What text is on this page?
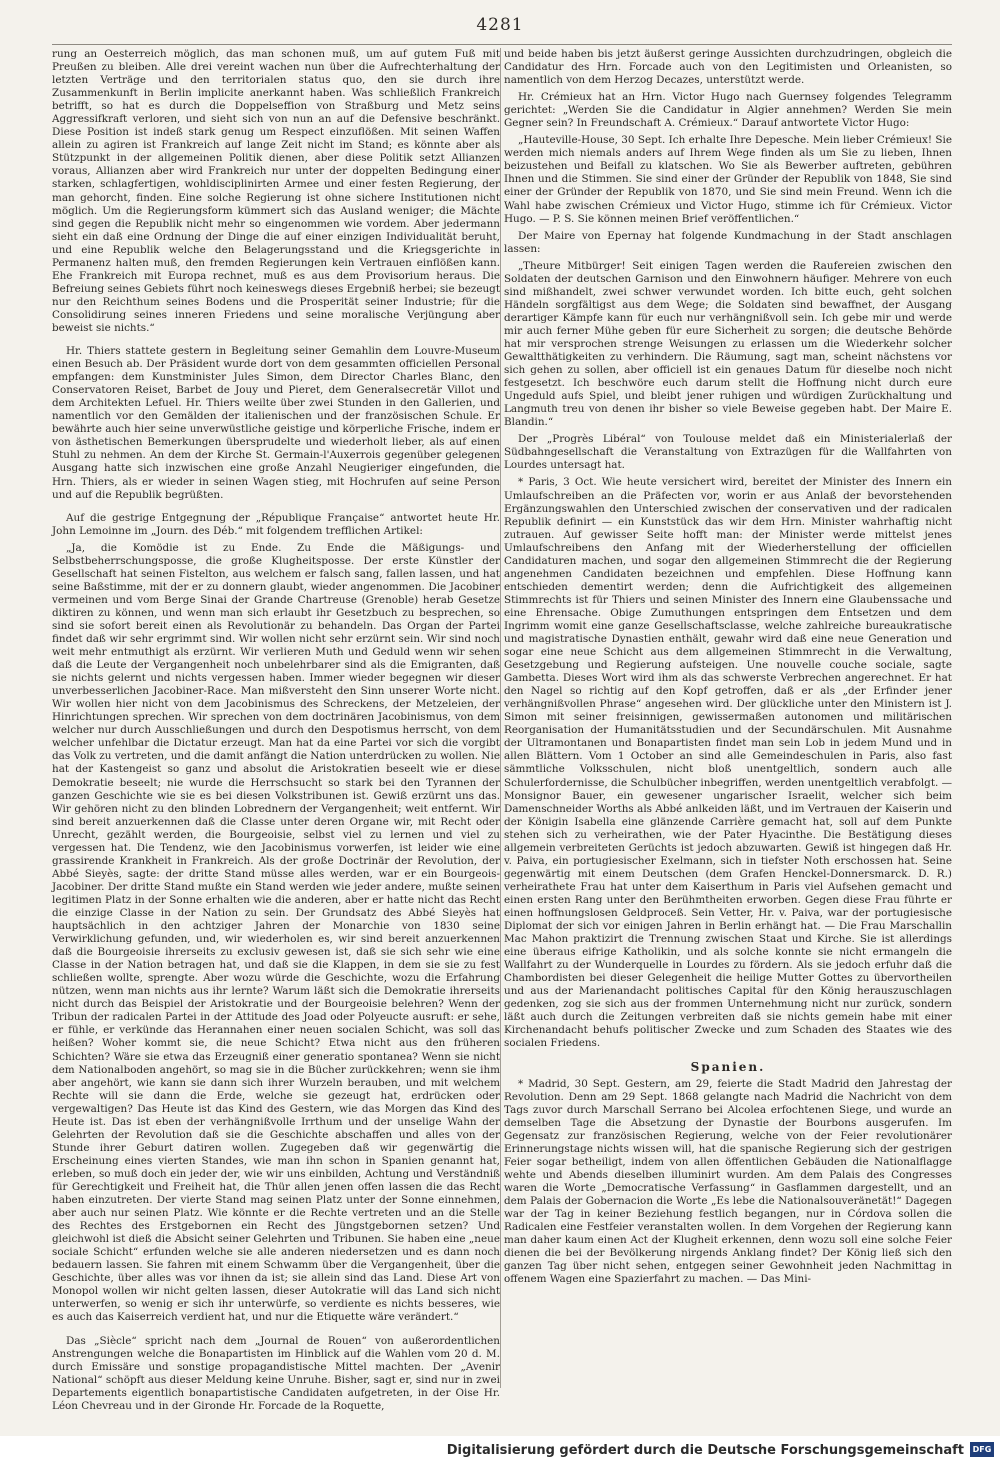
4281

rung an Oesterreich möglich, das man schonen muß, um auf gutem Fuß mit Preußen zu bleiben. Alle drei vereint wachen nun über die Aufrechterhaltung der letzten Verträge und den territorialen status quo, den sie durch ihre Zusammenkunft in Berlin implicite anerkannt haben. Was schließlich Frankreich betrifft, so hat es durch die Doppelseffion von Straßburg und Metz seins Aggressifkraft verloren, und sieht sich von nun an auf die Defensive beschränkt. Diese Position ist indeß stark genug um Respect einzuflößen. Mit seinen Waffen allein zu agiren ist Frankreich auf lange Zeit nicht im Stand; es könnte aber als Stützpunkt in der allgemeinen Politik dienen, aber diese Politik setzt Allianzen voraus, Allianzen aber wird Frankreich nur unter der doppelten Bedingung einer starken, schlagfertigen, wohldisciplinirten Armee und einer festen Regierung, der man gehorcht, finden. Eine solche Regierung ist ohne sichere Institutionen nicht möglich. Um die Regierungsform kümmert sich das Ausland weniger; die Mächte sind gegen die Republik nicht mehr so eingenommen wie vordem. Aber jedermann sieht ein daß eine Ordnung der Dinge die auf einer einzigen Individualität beruht, und eine Republik welche den Belagerungsstand und die Kriegsgerichte in Permanenz halten muß, den fremden Regierungen kein Vertrauen einflößen kann. Ehe Frankreich mit Europa rechnet, muß es aus dem Provisorium heraus. Die Befreiung seines Gebiets führt noch keineswegs dieses Ergebniß herbei; sie bezeugt nur den Reichthum seines Bodens und die Prosperität seiner Industrie; für die Consolidirung seines inneren Friedens und seine moralische Verjüngung aber beweist sie nichts.“

Hr. Thiers stattete gestern in Begleitung seiner Gemahlin dem Louvre-Museum einen Besuch ab. Der Präsident wurde dort von dem gesammten officiellen Personal empfangen: dem Kunstminister Jules Simon, dem Director Charles Blanc, den Conservatoren Reiset, Barbet de Jouy und Pieret, dem Generalsecretär Villot und dem Architekten Lefuel. Hr. Thiers weilte über zwei Stunden in den Gallerien, und namentlich vor den Gemälden der italienischen und der französischen Schule. Er bewährte auch hier seine unverwüstliche geistige und körperliche Frische, indem er von ästhetischen Bemerkungen übersprudelte und wiederholt lieber, als auf einen Stuhl zu nehmen. An dem der Kirche St. Germain-l'Auxerrois gegenüber gelegenen Ausgang hatte sich inzwischen eine große Anzahl Neugieriger eingefunden, die Hrn. Thiers, als er wieder in seinen Wagen stieg, mit Hochrufen auf seine Person und auf die Republik begrüßten.

Auf die gestrige Entgegnung der „République Française“ antwortet heute Hr. John Lemoinne im „Journ. des Déb.“ mit folgendem trefflichen Artikel:

„Ja, die Komödie ist zu Ende. Zu Ende die Mäßigungs- und Selbstbeherrschungsposse, die große Klugheitsposse. Der erste Künstler der Gesellschaft hat seinen Fistelton, aus welchem er falsch sang, fallen lassen, und hat seine Baßstimme, mit der er zu donnern glaubt, wieder angenommen. Die Jacobiner vermeinen und vom Berge Sinai der Grande Chartreuse (Grenoble) herab Gesetze diktiren zu können, und wenn man sich erlaubt ihr Gesetzbuch zu besprechen, so sind sie sofort bereit einen als Revolutionär zu behandeln. Das Organ der Partei findet daß wir sehr ergrimmt sind. Wir wollen nicht sehr erzürnt sein. Wir sind noch weit mehr entmuthigt als erzürnt. Wir verlieren Muth und Geduld wenn wir sehen daß die Leute der Vergangenheit noch unbelehrbarer sind als die Emigranten, daß sie nichts gelernt und nichts vergessen haben. Immer wieder begegnen wir dieser unverbesserlichen Jacobiner-Race. Man mißversteht den Sinn unserer Worte nicht. Wir wollen hier nicht von dem Jacobinismus des Schreckens, der Metzeleien, der Hinrichtungen sprechen. Wir sprechen von dem doctrinären Jacobinismus, von dem welcher nur durch Ausschließungen und durch den Despotismus herrscht, von dem welcher unfehlbar die Dictatur erzeugt. Man hat da eine Partei vor sich die vorgibt das Volk zu vertreten, und die damit anfängt die Nation unterdrücken zu wollen. Nie hat der Kastengeist so ganz und absolut die Aristokratien beseelt wie er diese Demokratie beseelt; nie wurde die Herrschsucht so stark bei den Tyrannen der ganzen Geschichte wie sie es bei diesen Volkstribunen ist. Gewiß erzürnt uns das. Wir gehören nicht zu den blinden Lobrednern der Vergangenheit; weit entfernt. Wir sind bereit anzuerkennen daß die Classe unter deren Organe wir, mit Recht oder Unrecht, gezählt werden, die Bourgeoisie, selbst viel zu lernen und viel zu vergessen hat. Die Tendenz, wie den Jacobinismus vorwerfen, ist leider wie eine grassirende Krankheit in Frankreich. Als der große Doctrinär der Revolution, der Abbé Sieyès, sagte: der dritte Stand müsse alles werden, war er ein Bourgeois-Jacobiner. Der dritte Stand mußte ein Stand werden wie jeder andere, mußte seinen legitimen Platz in der Sonne erhalten wie die anderen, aber er hatte nicht das Recht die einzige Classe in der Nation zu sein. Der Grundsatz des Abbé Sieyès hat hauptsächlich in den achtziger Jahren der Monarchie von 1830 seine Verwirklichung gefunden, und, wir wiederholen es, wir sind bereit anzuerkennen daß die Bourgeoisie ihrerseits zu exclusiv gewesen ist, daß sie sich sehr wie eine Classe in der Nation betragen hat, und daß sie die Klappen, in dem sie sie zu fest schließen wollte, sprengte. Aber wozu würde die Geschichte, wozu die Erfahrung nützen, wenn man nichts aus ihr lernte? Warum läßt sich die Demokratie ihrerseits nicht durch das Beispiel der Aristokratie und der Bourgeoisie belehren? Wenn der Tribun der radicalen Partei in der Attitude des Joad oder Polyeucte ausruft: er sehe, er fühle, er verkünde das Herannahen einer neuen socialen Schicht, was soll das heißen? Woher kommt sie, die neue Schicht? Etwa nicht aus den früheren Schichten? Wäre sie etwa das Erzeugniß einer generatio spontanea? Wenn sie nicht dem Nationalboden angehört, so mag sie in die Bücher zurückkehren; wenn sie ihm aber angehört, wie kann sie dann sich ihrer Wurzeln berauben, und mit welchem Rechte will sie dann die Erde, welche sie gezeugt hat, erdrücken oder vergewaltigen? Das Heute ist das Kind des Gestern, wie das Morgen das Kind des Heute ist. Das ist eben der verhängnißvolle Irrthum und der unselige Wahn der Gelehrten der Revolution daß sie die Geschichte abschaffen und alles von der Stunde ihrer Geburt datiren wollen. Zugegeben daß wir gegenwärtig die Erscheinung eines vierten Standes, wie man ihn schon in Spanien genannt hat, erleben, so muß doch ein jeder der, wie wir uns einbilden, Achtung und Verständniß für Gerechtigkeit und Freiheit hat, die Thür allen jenen offen lassen die das Recht haben einzutreten. Der vierte Stand mag seinen Platz unter der Sonne einnehmen, aber auch nur seinen Platz. Wie könnte er die Rechte vertreten und an die Stelle des Rechtes des Erstgebornen ein Recht des Jüngstgebornen setzen? Und gleichwohl ist dieß die Absicht seiner Gelehrten und Tribunen. Sie haben eine „neue sociale Schicht“ erfunden welche sie alle anderen niedersetzen und es dann noch bedauern lassen. Sie fahren mit einem Schwamm über die Vergangenheit, über die Geschichte, über alles was vor ihnen da ist; sie allein sind das Land. Diese Art von Monopol wollen wir nicht gelten lassen, dieser Autokratie will das Land sich nicht unterwerfen, so wenig er sich ihr unterwürfe, so verdiente es nichts besseres, wie es auch das Kaiserreich verdient hat, und nur die Etiquette wäre verändert.“

Das „Siècle“ spricht nach dem „Journal de Rouen“ von außerordentlichen Anstrengungen welche die Bonapartisten im Hinblick auf die Wahlen vom 20 d. M. durch Emissäre und sonstige propagandistische Mittel machten. Der „Avenir National“ schöpft aus dieser Meldung keine Unruhe. Bisher, sagt er, sind nur in zwei Departements eigentlich bonapartistische Candidaten aufgetreten, in der Oise Hr. Léon Chevreau und in der Gironde Hr. Forcade de la Roquette,

und beide haben bis jetzt äußerst geringe Aussichten durchzudringen, obgleich die Candidatur des Hrn. Forcade auch von den Legitimisten und Orleanisten, so namentlich von dem Herzog Decazes, unterstützt werde.

Hr. Crémieux hat an Hrn. Victor Hugo nach Guernsey folgendes Telegramm gerichtet: „Werden Sie die Candidatur in Algier annehmen? Werden Sie mein Gegner sein? In Freundschaft A. Crémieux.“ Darauf antwortete Victor Hugo:

„Hauteville-House, 30 Sept. Ich erhalte Ihre Depesche. Mein lieber Crémieux! Sie werden mich niemals anders auf Ihrem Wege finden als um Sie zu lieben, Ihnen beizustehen und Beifall zu klatschen. Wo Sie als Bewerber auftreten, gebühren Ihnen und die Stimmen. Sie sind einer der Gründer der Republik von 1848, Sie sind einer der Gründer der Republik von 1870, und Sie sind mein Freund. Wenn ich die Wahl habe zwischen Crémieux und Victor Hugo, stimme ich für Crémieux. Victor Hugo. — P. S. Sie können meinen Brief veröffentlichen.“

Der Maire von Epernay hat folgende Kundmachung in der Stadt anschlagen lassen:

„Theure Mitbürger! Seit einigen Tagen werden die Raufereien zwischen den Soldaten der deutschen Garnison und den Einwohnern häufiger. Mehrere von euch sind mißhandelt, zwei schwer verwundet worden. Ich bitte euch, geht solchen Händeln sorgfältigst aus dem Wege; die Soldaten sind bewaffnet, der Ausgang derartiger Kämpfe kann für euch nur verhängnißvoll sein. Ich gebe mir und werde mir auch ferner Mühe geben für eure Sicherheit zu sorgen; die deutsche Behörde hat mir versprochen strenge Weisungen zu erlassen um die Wiederkehr solcher Gewaltthätigkeiten zu verhindern. Die Räumung, sagt man, scheint nächstens vor sich gehen zu sollen, aber officiell ist ein genaues Datum für dieselbe noch nicht festgesetzt. Ich beschwöre euch darum stellt die Hoffnung nicht durch eure Ungeduld aufs Spiel, und bleibt jener ruhigen und würdigen Zurückhaltung und Langmuth treu von denen ihr bisher so viele Beweise gegeben habt. Der Maire E. Blandin.“

Der „Progrès Libéral“ von Toulouse meldet daß ein Ministerialerlaß der Südbahngesellschaft die Veranstaltung von Extrazügen für die Wallfahrten von Lourdes untersagt hat.

* Paris, 3 Oct. Wie heute versichert wird, bereitet der Minister des Innern ein Umlaufschreiben an die Präfecten vor, worin er aus Anlaß der bevorstehenden Ergänzungswahlen den Unterschied zwischen der conservativen und der radicalen Republik definirt — ein Kunststück das wir dem Hrn. Minister wahrhaftig nicht zutrauen. Auf gewisser Seite hofft man: der Minister werde mittelst jenes Umlaufschreibens den Anfang mit der Wiederherstellung der officiellen Candidaturen machen, und sogar den allgemeinen Stimmrecht die der Regierung angenehmen Candidaten bezeichnen und empfehlen. Diese Hoffnung kann entschieden dementirt werden; denn die Aufrichtigkeit des allgemeinen Stimmrechts ist für Thiers und seinen Minister des Innern eine Glaubenssache und eine Ehrensache. Obige Zumuthungen entspringen dem Entsetzen und dem Ingrimm womit eine ganze Gesellschaftsclasse, welche zahlreiche bureaukratische und magistratische Dynastien enthält, gewahr wird daß eine neue Generation und sogar eine neue Schicht aus dem allgemeinen Stimmrecht in die Verwaltung, Gesetzgebung und Regierung aufsteigen. Une nouvelle couche sociale, sagte Gambetta. Dieses Wort wird ihm als das schwerste Verbrechen angerechnet. Er hat den Nagel so richtig auf den Kopf getroffen, daß er als „der Erfinder jener verhängnißvollen Phrase“ angesehen wird. Der glückliche unter den Ministern ist J. Simon mit seiner freisinnigen, gewissermaßen autonomen und militärischen Reorganisation der Humanitätsstudien und der Secundärschulen. Mit Ausnahme der Ultramontanen und Bonapartisten findet man sein Lob in jedem Mund und in allen Blättern. Vom 1 October an sind alle Gemeindeschulen in Paris, also fast sämmtliche Volksschulen, nicht bloß unentgeltlich, sondern auch alle Schulerfordernisse, die Schulbücher inbegriffen, werden unentgeltlich verabfolgt. — Monsignor Bauer, ein gewesener ungarischer Israelit, welcher sich beim Damenschneider Worths als Abbé anlkeiden läßt, und im Vertrauen der Kaiserin und der Königin Isabella eine glänzende Carrière gemacht hat, soll auf dem Punkte stehen sich zu verheirathen, wie der Pater Hyacinthe. Die Bestätigung dieses allgemein verbreiteten Gerüchts ist jedoch abzuwarten. Gewiß ist hingegen daß Hr. v. Paiva, ein portugiesischer Exelmann, sich in tiefster Noth erschossen hat. Seine gegenwärtig mit einem Deutschen (dem Grafen Henckel-Donnersmarck. D. R.) verheirathete Frau hat unter dem Kaiserthum in Paris viel Aufsehen gemacht und einen ersten Rang unter den Berühmtheiten erworben. Gegen diese Frau führte er einen hoffnungslosen Geldproceß. Sein Vetter, Hr. v. Paiva, war der portugiesische Diplomat der sich vor einigen Jahren in Berlin erhängt hat. — Die Frau Marschallin Mac Mahon praktizirt die Trennung zwischen Staat und Kirche. Sie ist allerdings eine überaus eifrige Katholikin, und als solche konnte sie nicht ermangeln die Wallfahrt zu der Wunderquelle in Lourdes zu fördern. Als sie jedoch erfuhr daß die Chambordisten bei dieser Gelegenheit die heilige Mutter Gottes zu übervortheilen und aus der Marienandacht politisches Capital für den König herauszuschlagen gedenken, zog sie sich aus der frommen Unternehmung nicht nur zurück, sondern läßt auch durch die Zeitungen verbreiten daß sie nichts gemein habe mit einer Kirchenandacht behufs politischer Zwecke und zum Schaden des Staates wie des socialen Friedens.

Spanien.

* Madrid, 30 Sept. Gestern, am 29, feierte die Stadt Madrid den Jahrestag der Revolution. Denn am 29 Sept. 1868 gelangte nach Madrid die Nachricht von dem Tags zuvor durch Marschall Serrano bei Alcolea erfochtenen Siege, und wurde an demselben Tage die Absetzung der Dynastie der Bourbons ausgerufen. Im Gegensatz zur französischen Regierung, welche von der Feier revolutionärer Erinnerungstage nichts wissen will, hat die spanische Regierung sich der gestrigen Feier sogar betheiligt, indem von allen öffentlichen Gebäuden die Nationalflagge wehte und Abends dieselben illuminirt wurden. Am dem Palais des Congresses waren die Worte „Democratische Verfassung“ in Gasflammen dargestellt, und an dem Palais der Gobernacion die Worte „Es lebe die Nationalsouveränetät!“ Dagegen war der Tag in keiner Beziehung festlich begangen, nur in Córdova sollen die Radicalen eine Festfeier veranstalten wollen. In dem Vorgehen der Regierung kann man daher kaum einen Act der Klugheit erkennen, denn wozu soll eine solche Feier dienen die bei der Bevölkerung nirgends Anklang findet? Der König ließ sich den ganzen Tag über nicht sehen, entgegen seiner Gewohnheit jeden Nachmittag in offenem Wagen eine Spazierfahrt zu machen. — Das Mini-

Digitalisierung gefördert durch die Deutsche Forschungsgemeinschaft	DFG
